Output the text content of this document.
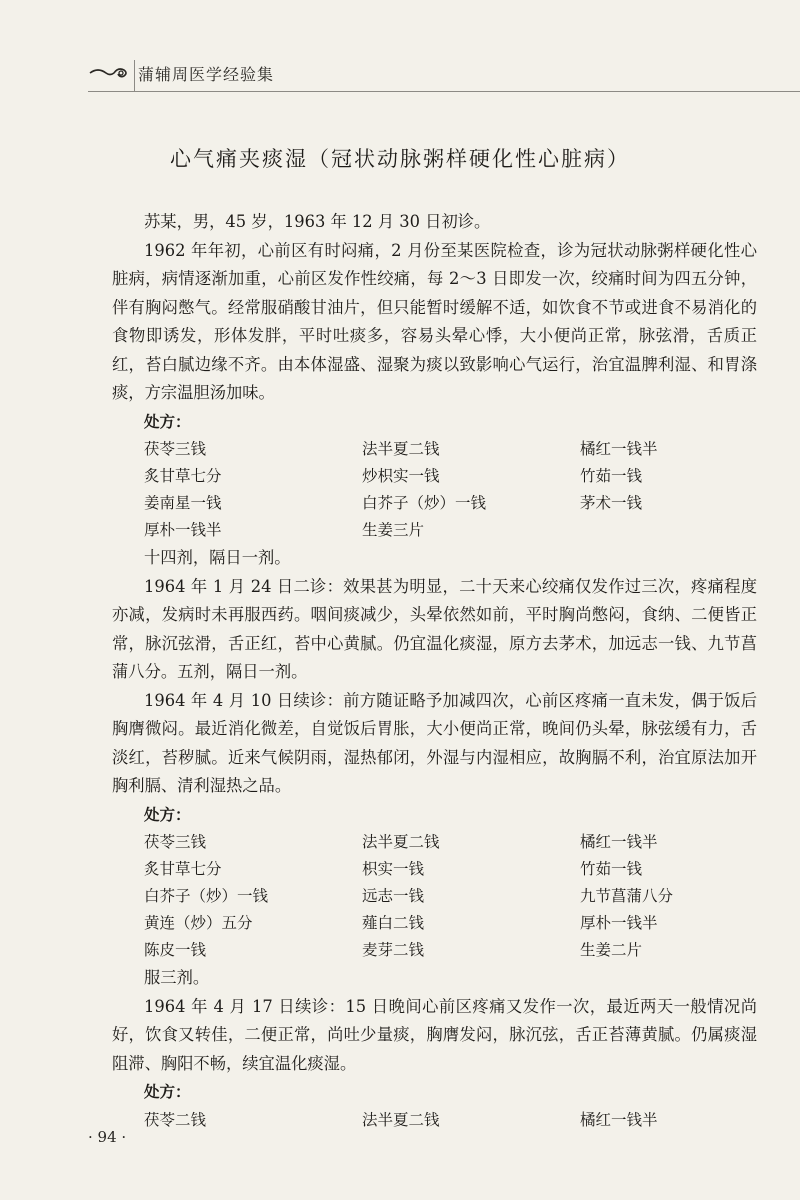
蒲辅周医学经验集
心气痛夹痰湿（冠状动脉粥样硬化性心脏病）

苏某，男，45 岁，1963 年 12 月 30 日初诊。

1962 年年初，心前区有时闷痛，2 月份至某医院检查，诊为冠状动脉粥样硬化性心脏病，病情逐渐加重，心前区发作性绞痛，每 2～3 日即发一次，绞痛时间为四五分钟，伴有胸闷憋气。经常服硝酸甘油片，但只能暂时缓解不适，如饮食不节或进食不易消化的食物即诱发，形体发胖，平时吐痰多，容易头晕心悸，大小便尚正常，脉弦滑，舌质正红，苔白腻边缘不齐。由本体湿盛、湿聚为痰以致影响心气运行，治宜温脾利湿、和胃涤痰，方宗温胆汤加味。

处方：

茯苓三钱	法半夏二钱	橘红一钱半
炙甘草七分	炒枳实一钱	竹茹一钱
姜南星一钱	白芥子（炒）一钱	茅术一钱
厚朴一钱半	生姜三片

十四剂，隔日一剂。

1964 年 1 月 24 日二诊：效果甚为明显，二十天来心绞痛仅发作过三次，疼痛程度亦减，发病时未再服西药。咽间痰减少，头晕依然如前，平时胸尚憋闷，食纳、二便皆正常，脉沉弦滑，舌正红，苔中心黄腻。仍宜温化痰湿，原方去茅术，加远志一钱、九节菖蒲八分。五剂，隔日一剂。

1964 年 4 月 10 日续诊：前方随证略予加减四次，心前区疼痛一直未发，偶于饭后胸膺微闷。最近消化微差，自觉饭后胃胀，大小便尚正常，晚间仍头晕，脉弦缓有力，舌淡红，苔秽腻。近来气候阴雨，湿热郁闭，外湿与内湿相应，故胸膈不利，治宜原法加开胸利膈、清利湿热之品。

处方：

茯苓三钱	法半夏二钱	橘红一钱半
炙甘草七分	枳实一钱	竹茹一钱
白芥子（炒）一钱	远志一钱	九节菖蒲八分
黄连（炒）五分	薤白二钱	厚朴一钱半
陈皮一钱	麦芽二钱	生姜二片

服三剂。

1964 年 4 月 17 日续诊：15 日晚间心前区疼痛又发作一次，最近两天一般情况尚好，饮食又转佳，二便正常，尚吐少量痰，胸膺发闷，脉沉弦，舌正苔薄黄腻。仍属痰湿阻滞、胸阳不畅，续宜温化痰湿。

处方：

茯苓二钱	法半夏二钱	橘红一钱半
· 94 ·
